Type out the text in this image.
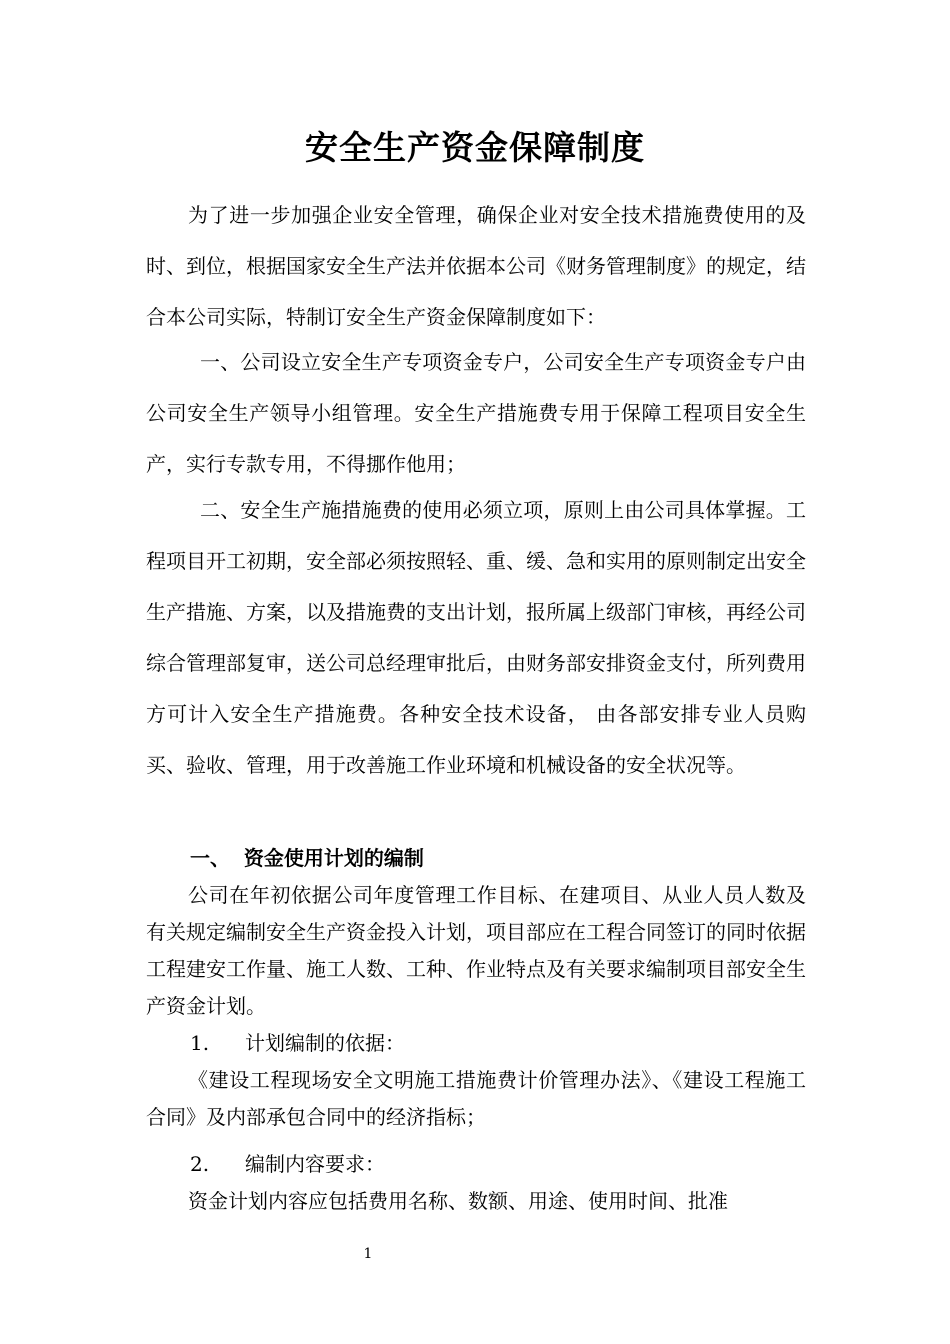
安全生产资金保障制度

为了进一步加强企业安全管理，确保企业对安全技术措施费使用的及时、到位，根据国家安全生产法并依据本公司《财务管理制度》的规定，结合本公司实际，特制订安全生产资金保障制度如下：

一、公司设立安全生产专项资金专户，公司安全生产专项资金专户由公司安全生产领导小组管理。安全生产措施费专用于保障工程项目安全生产，实行专款专用，不得挪作他用；

二、安全生产施措施费的使用必须立项，原则上由公司具体掌握。工程项目开工初期，安全部必须按照轻、重、缓、急和实用的原则制定出安全生产措施、方案，以及措施费的支出计划，报所属上级部门审核，再经公司综合管理部复审，送公司总经理审批后，由财务部安排资金支付，所列费用方可计入安全生产措施费。各种安全技术设备， 由各部安排专业人员购买、验收、管理，用于改善施工作业环境和机械设备的安全状况等。

一、  资金使用计划的编制

公司在年初依据公司年度管理工作目标、在建项目、从业人员人数及有关规定编制安全生产资金投入计划，项目部应在工程合同签订的同时依据工程建安工作量、施工人数、工种、作业特点及有关要求编制项目部安全生产资金计划。

1. 计划编制的依据：

《建设工程现场安全文明施工措施费计价管理办法》、《建设工程施工合同》及内部承包合同中的经济指标；

2. 编制内容要求：

资金计划内容应包括费用名称、数额、用途、使用时间、批准

1
